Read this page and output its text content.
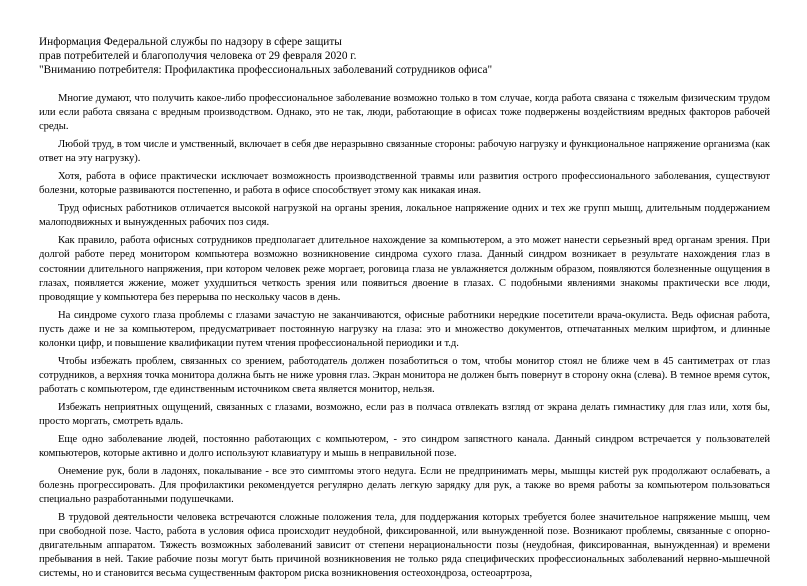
Информация Федеральной службы по надзору в сфере защиты

прав потребителей и благополучия человека от 29 февраля 2020 г.

"Вниманию потребителя: Профилактика профессиональных заболеваний сотрудников офиса"

Многие думают, что получить какое-либо профессиональное заболевание возможно только в том случае, когда работа связана с тяжелым физическим трудом или если работа связана с вредным производством. Однако, это не так, люди, работающие в офисах тоже подвержены воздействиям вредных факторов рабочей среды.

Любой труд, в том числе и умственный, включает в себя две неразрывно связанные стороны: рабочую нагрузку и функциональное напряжение организма (как ответ на эту нагрузку).

Хотя, работа в офисе практически исключает возможность производственной травмы или развития острого профессионального заболевания, существуют болезни, которые развиваются постепенно, и работа в офисе способствует этому как никакая иная.

Труд офисных работников отличается высокой нагрузкой на органы зрения, локальное напряжение одних и тех же групп мышц, длительным поддержанием малоподвижных и вынужденных рабочих поз сидя.

Как правило, работа офисных сотрудников предполагает длительное нахождение за компьютером, а это может нанести серьезный вред органам зрения. При долгой работе перед монитором компьютера возможно возникновение синдрома сухого глаза. Данный синдром возникает в результате нахождения глаз в состоянии длительного напряжения, при котором человек реже моргает, роговица глаза не увлажняется должным образом, появляются болезненные ощущения в глазах, появляется жжение, может ухудшиться четкость зрения или появиться двоение в глазах. С подобными явлениями знакомы практически все люди, проводящие у компьютера без перерыва по нескольку часов в день.

На синдроме сухого глаза проблемы с глазами зачастую не заканчиваются, офисные работники нередкие посетители врача-окулиста. Ведь офисная работа, пусть даже и не за компьютером, предусматривает постоянную нагрузку на глаза: это и множество документов, отпечатанных мелким шрифтом, и длинные колонки цифр, и повышение квалификации путем чтения профессиональной периодики и т.д.

Чтобы избежать проблем, связанных со зрением, работодатель должен позаботиться о том, чтобы монитор стоял не ближе чем в 45 сантиметрах от глаз сотрудников, а верхняя точка монитора должна быть не ниже уровня глаз. Экран монитора не должен быть повернут в сторону окна (слева). В темное время суток, работать с компьютером, где единственным источником света является монитор, нельзя.

Избежать неприятных ощущений, связанных с глазами, возможно, если раз в полчаса отвлекать взгляд от экрана делать гимнастику для глаз или, хотя бы, просто моргать, смотреть вдаль.

Еще одно заболевание людей, постоянно работающих с компьютером, - это синдром запястного канала. Данный синдром встречается у пользователей компьютеров, которые активно и долго используют клавиатуру и мышь в неправильной позе.

Онемение рук, боли в ладонях, покалывание - все это симптомы этого недуга. Если не предпринимать меры, мышцы кистей рук продолжают ослабевать, а болезнь прогрессировать. Для профилактики рекомендуется регулярно делать легкую зарядку для рук, а также во время работы за компьютером пользоваться специально разработанными подушечками.

В трудовой деятельности человека встречаются сложные положения тела, для поддержания которых требуется более значительное напряжение мышц, чем при свободной позе. Часто, работа в условия офиса происходит неудобной, фиксированной, или вынужденной позе. Возникают проблемы, связанные с опорно-двигательным аппаратом. Тяжесть возможных заболеваний зависит от степени нерациональности позы (неудобная, фиксированная, вынужденная) и времени пребывания в ней. Такие рабочие позы могут быть причиной возникновения не только ряда специфических профессиональных заболеваний нервно-мышечной системы, но и становится весьма существенным фактором риска возникновения остеохондроза, остеоартроза,
